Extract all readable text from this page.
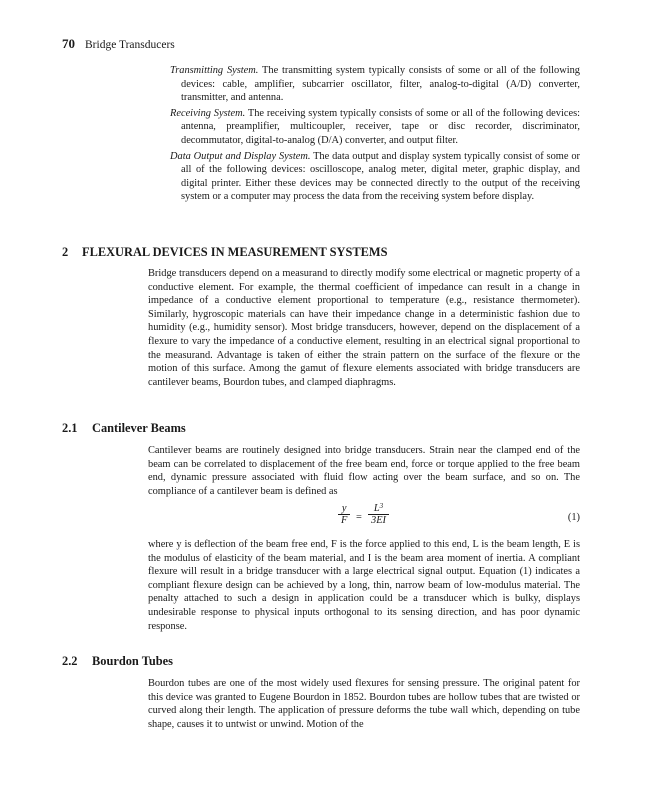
70 Bridge Transducers

Transmitting System. The transmitting system typically consists of some or all of the following devices: cable, amplifier, subcarrier oscillator, filter, analog-to-digital (A/D) converter, transmitter, and antenna.

Receiving System. The receiving system typically consists of some or all of the following devices: antenna, preamplifier, multicoupler, receiver, tape or disc recorder, discriminator, decommutator, digital-to-analog (D/A) converter, and output filter.

Data Output and Display System. The data output and display system typically consist of some or all of the following devices: oscilloscope, analog meter, digital meter, graphic display, and digital printer. Either these devices may be connected directly to the output of the receiving system or a computer may process the data from the receiving system before display.

2 FLEXURAL DEVICES IN MEASUREMENT SYSTEMS

Bridge transducers depend on a measurand to directly modify some electrical or magnetic property of a conductive element. For example, the thermal coefficient of impedance can result in a change in impedance of a conductive element proportional to temperature (e.g., resistance thermometer). Similarly, hygroscopic materials can have their impedance change in a deterministic fashion due to humidity (e.g., humidity sensor). Most bridge transducers, however, depend on the displacement of a flexure to vary the impedance of a conductive element, resulting in an electrical signal proportional to the measurand. Advantage is taken of either the strain pattern on the surface of the flexure or the motion of this surface. Among the gamut of flexure elements associated with bridge transducers are cantilever beams, Bourdon tubes, and clamped diaphragms.

2.1 Cantilever Beams

Cantilever beams are routinely designed into bridge transducers. Strain near the clamped end of the beam can be correlated to displacement of the free beam end, force or torque applied to the free beam end, dynamic pressure associated with fluid flow acting over the beam surface, and so on. The compliance of a cantilever beam is defined as

$\frac{y}{F} = \frac{L^3}{3EI}$	(1)

where y is deflection of the beam free end, F is the force applied to this end, L is the beam length, E is the modulus of elasticity of the beam material, and I is the beam area moment of inertia. A compliant flexure will result in a bridge transducer with a large electrical signal output. Equation (1) indicates a compliant flexure design can be achieved by a long, thin, narrow beam of low-modulus material. The penalty attached to such a design in application could be a transducer which is bulky, displays undesirable response to physical inputs orthogonal to its sensing direction, and has poor dynamic response.

2.2 Bourdon Tubes

Bourdon tubes are one of the most widely used flexures for sensing pressure. The original patent for this device was granted to Eugene Bourdon in 1852. Bourdon tubes are hollow tubes that are twisted or curved along their length. The application of pressure deforms the tube wall which, depending on tube shape, causes it to untwist or unwind. Motion of the
